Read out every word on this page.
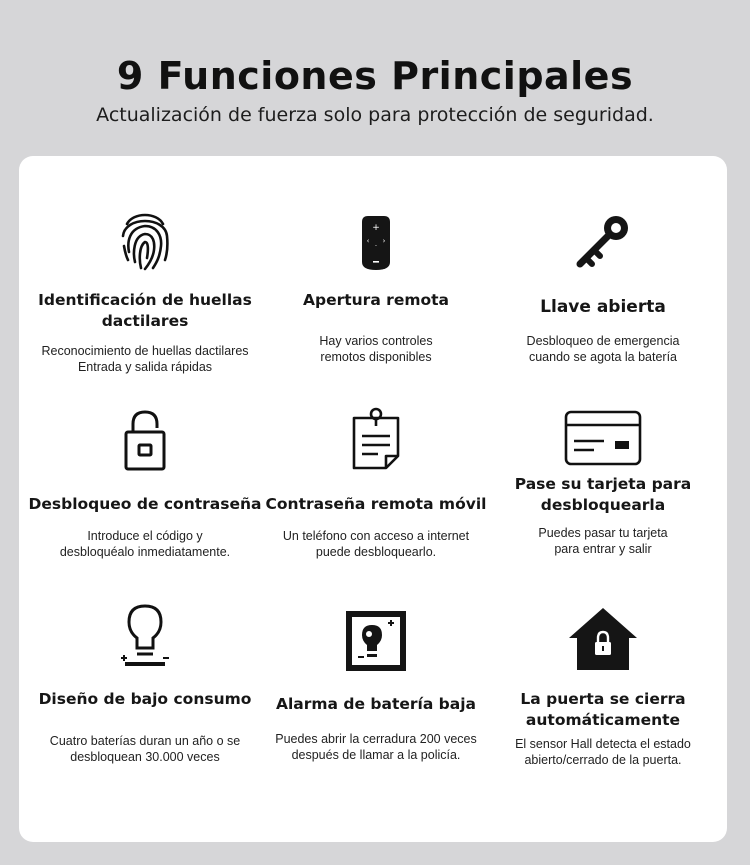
9 Funciones Principales
Actualización de fuerza solo para protección de seguridad.
Identificación de huellas dactilares
Reconocimiento de huellas dactilares
Entrada y salida rápidas
+
‹ ›
·
Apertura remota
Hay varios controles
remotos disponibles
Llave abierta
Desbloqueo de emergencia
cuando se agota la batería
Desbloqueo de contraseña
Introduce el código y
desbloquéalo inmediatamente.
Contraseña remota móvil
Un teléfono con acceso a internet
puede desbloquearlo.
Pase su tarjeta para desbloquearla
Puedes pasar tu tarjeta
para entrar y salir
Diseño de bajo consumo
Cuatro baterías duran un año o se
desbloquean 30.000 veces
Alarma de batería baja
Puedes abrir la cerradura 200 veces
después de llamar a la policía.
La puerta se cierra automáticamente
El sensor Hall detecta el estado
abierto/cerrado de la puerta.
